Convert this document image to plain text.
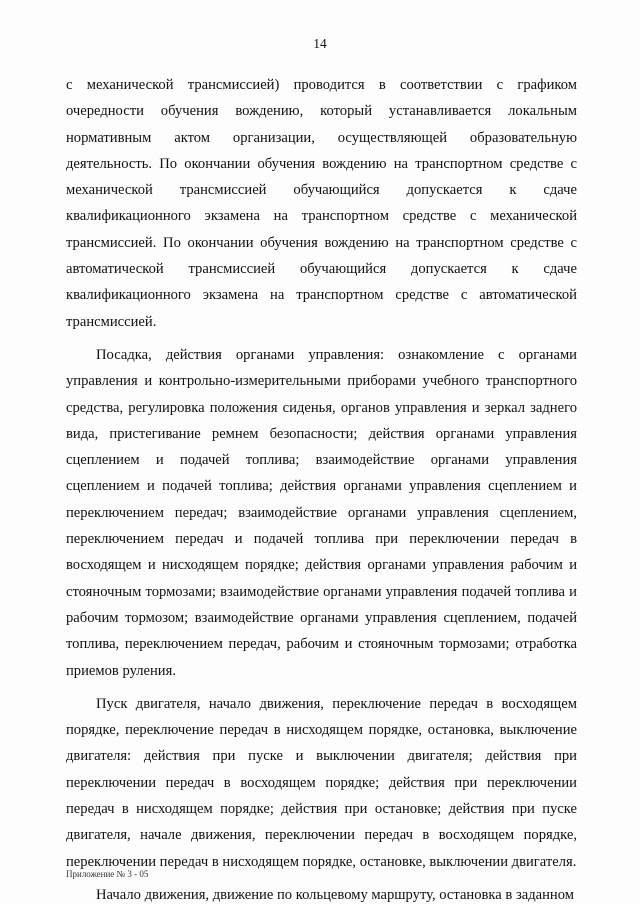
14

с механической трансмиссией) проводится в соответствии с графиком очередности обучения вождению, который устанавливается локальным нормативным актом организации, осуществляющей образовательную деятельность. По окончании обучения вождению на транспортном средстве с механической трансмиссией обучающийся допускается к сдаче квалификационного экзамена на транспортном средстве с механической трансмиссией. По окончании обучения вождению на транспортном средстве с автоматической трансмиссией обучающийся допускается к сдаче квалификационного экзамена на транспортном средстве с автоматической трансмиссией.

Посадка, действия органами управления: ознакомление с органами управления и контрольно-измерительными приборами учебного транспортного средства, регулировка положения сиденья, органов управления и зеркал заднего вида, пристегивание ремнем безопасности; действия органами управления сцеплением и подачей топлива; взаимодействие органами управления сцеплением и подачей топлива; действия органами управления сцеплением и переключением передач; взаимодействие органами управления сцеплением, переключением передач и подачей топлива при переключении передач в восходящем и нисходящем порядке; действия органами управления рабочим и стояночным тормозами; взаимодействие органами управления подачей топлива и рабочим тормозом; взаимодействие органами управления сцеплением, подачей топлива, переключением передач, рабочим и стояночным тормозами; отработка приемов руления.

Пуск двигателя, начало движения, переключение передач в восходящем порядке, переключение передач в нисходящем порядке, остановка, выключение двигателя: действия при пуске и выключении двигателя; действия при переключении передач в восходящем порядке; действия при переключении передач в нисходящем порядке; действия при остановке; действия при пуске двигателя, начале движения, переключении передач в восходящем порядке, переключении передач в нисходящем порядке, остановке, выключении двигателя.

Начало движения, движение по кольцевому маршруту, остановка в заданном

Приложение № 3 - 05
